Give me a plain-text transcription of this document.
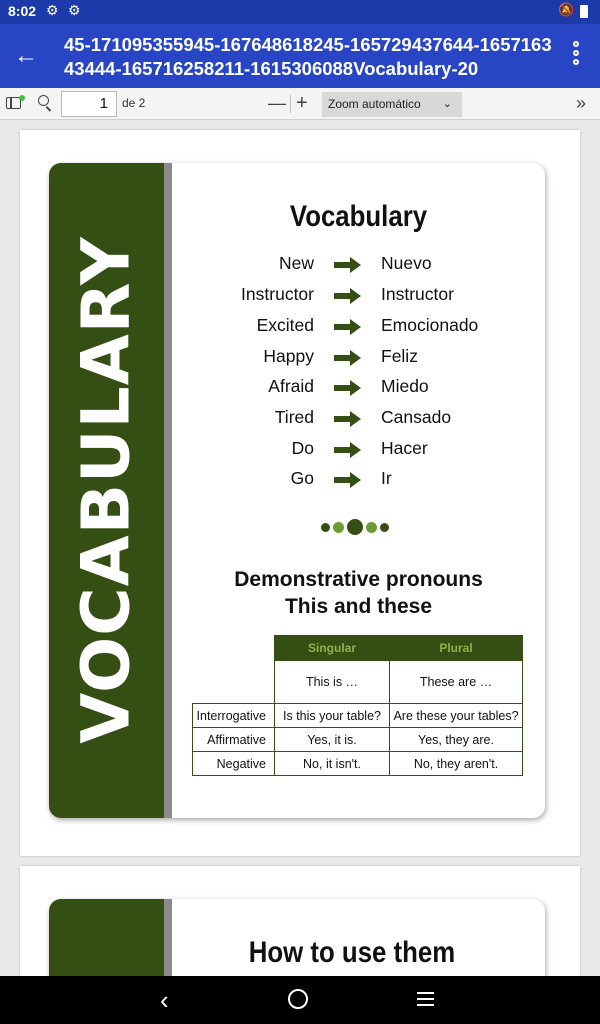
8:02 ⚙ ⚙	🔕
←	45-171095355945-167648618245-165729437644-165716343444-165716258211-1615306088Vocabulary-20
1	de 2	— +	Zoom automático ⌄	»
VOCABULARY
Vocabulary
New	Nuevo
Instructor	Instructor
Excited	Emocionado
Happy	Feliz
Afraid	Miedo
Tired	Cansado
Do	Hacer
Go	Ir
Demonstrative pronouns
This and these
	Singular	Plural
	This is …	These are …
Interrogative	Is this your table?	Are these your tables?
Affirmative	Yes, it is.	Yes, they are.
Negative	No, it isn't.	No, they aren't.
How to use them
‹
